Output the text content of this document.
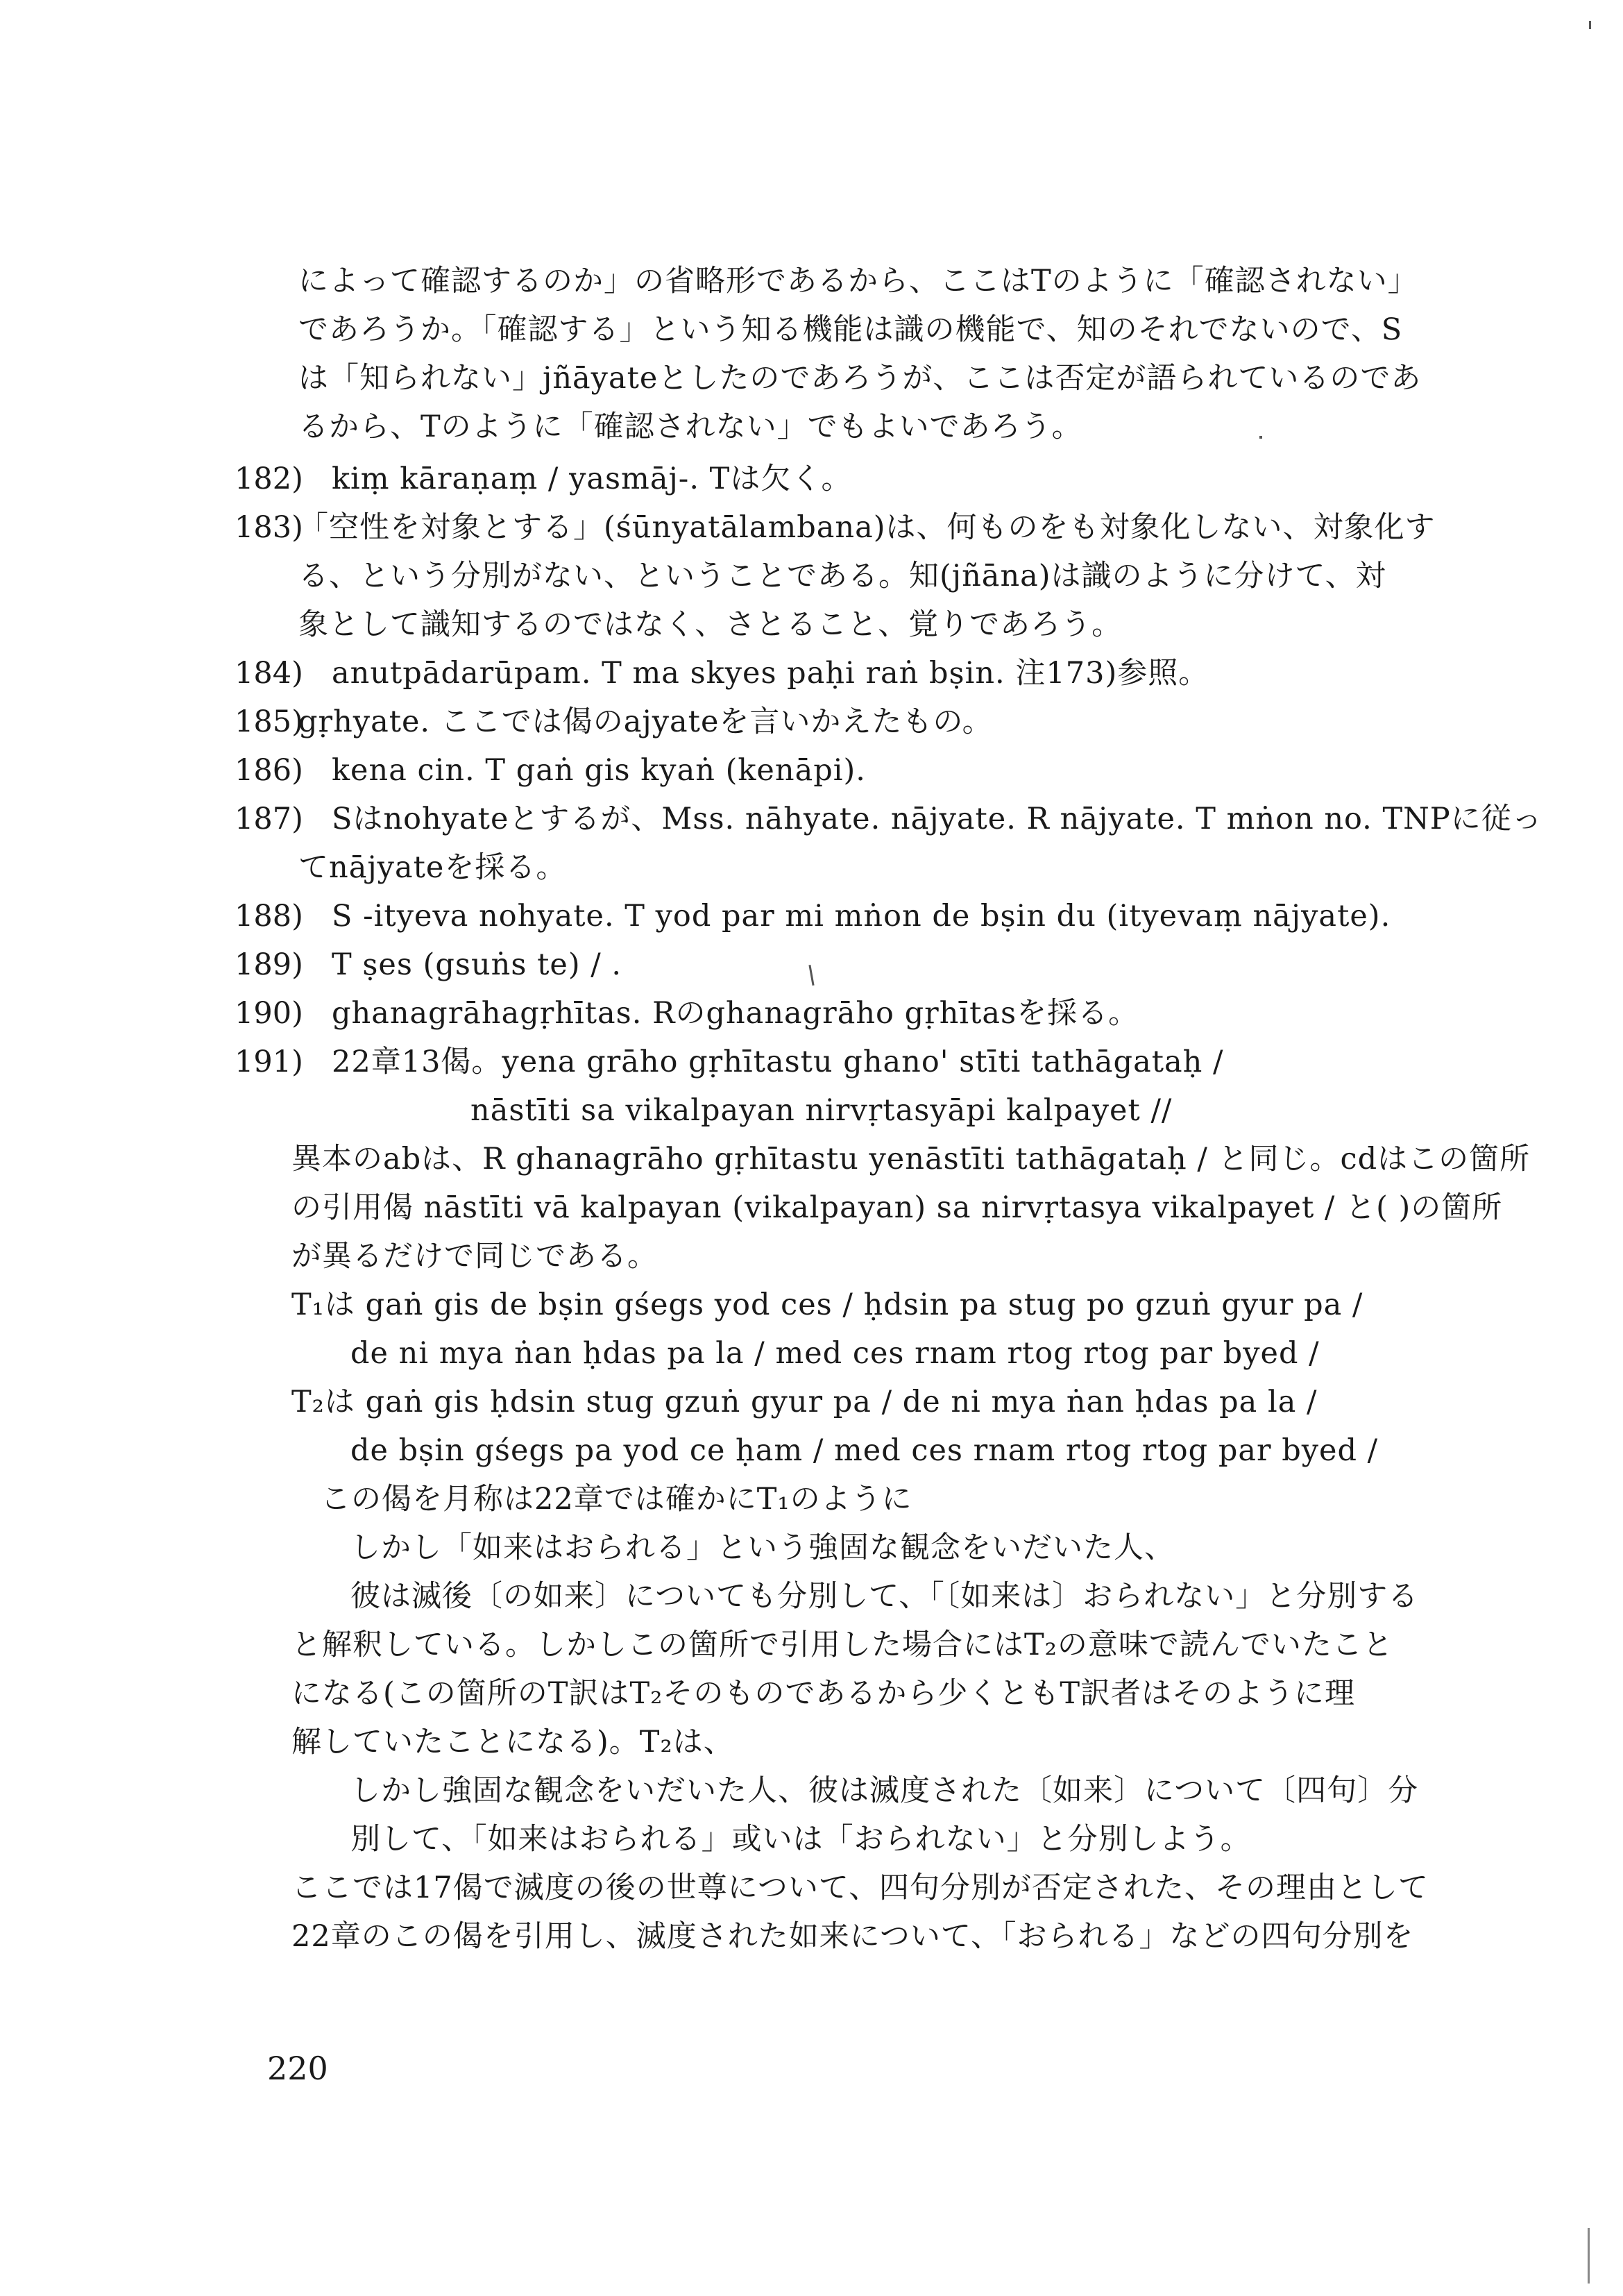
によって確認するのか」の省略形であるから、ここはTのように「確認されない」
であろうか。「確認する」という知る機能は識の機能で、知のそれでないので、S
は「知られない」jñāyateとしたのであろうが、ここは否定が語られているのであ
るから、Tのように「確認されない」でもよいであろう。
182) kiṃ kāraṇaṃ / yasmāj-. Tは欠く。
183)
「空性を対象とする」(śūnyatālambana)は、何ものをも対象化しない、対象化す
る、という分別がない、ということである。知(jñāna)は識のように分けて、対
象として識知するのではなく、さとること、覚りであろう。
184) anutpādarūpam. T ma skyes paḥi raṅ bṣin. 注173)参照。
185)
gṛhyate. ここでは偈のajyateを言いかえたもの。
186) kena cin. T gaṅ gis kyaṅ (kenāpi).
187) Sはnohyateとするが、Mss. nāhyate. nājyate. R nājyate. T mṅon no. TNPに従っ
てnājyateを採る。
188) S -ityeva nohyate. T yod par mi mṅon de bṣin du (ityevaṃ nājyate).
189) T ṣes (gsuṅs te) / .
190) ghanagrāhagṛhītas. Rのghanagrāho gṛhītasを採る。
191) 22章13偈。yena grāho gṛhītastu ghano' stīti tathāgataḥ /
nāstīti sa vikalpayan nirvṛtasyāpi kalpayet //
異本のabは、R ghanagrāho gṛhītastu yenāstīti tathāgataḥ / と同じ。cdはこの箇所
の引用偈 nāstīti vā kalpayan (vikalpayan) sa nirvṛtasya vikalpayet / と( )の箇所
が異るだけで同じである。
T₁は gaṅ gis de bṣin gśegs yod ces / ḥdsin pa stug po gzuṅ gyur pa /
de ni mya ṅan ḥdas pa la / med ces rnam rtog rtog par byed /
T₂は gaṅ gis ḥdsin stug gzuṅ gyur pa / de ni mya ṅan ḥdas pa la /
de bṣin gśegs pa yod ce ḥam / med ces rnam rtog rtog par byed /
この偈を月称は22章では確かにT₁のように
しかし「如来はおられる」という強固な観念をいだいた人、
彼は滅後〔の如来〕についても分別して、「〔如来は〕おられない」と分別する
と解釈している。しかしこの箇所で引用した場合にはT₂の意味で読んでいたこと
になる(この箇所のT訳はT₂そのものであるから少くともT訳者はそのように理
解していたことになる)。T₂は、
しかし強固な観念をいだいた人、彼は滅度された〔如来〕について〔四句〕分
別して、「如来はおられる」或いは「おられない」と分別しよう。
ここでは17偈で滅度の後の世尊について、四句分別が否定された、その理由として
22章のこの偈を引用し、滅度された如来について、「おられる」などの四句分別を
220
